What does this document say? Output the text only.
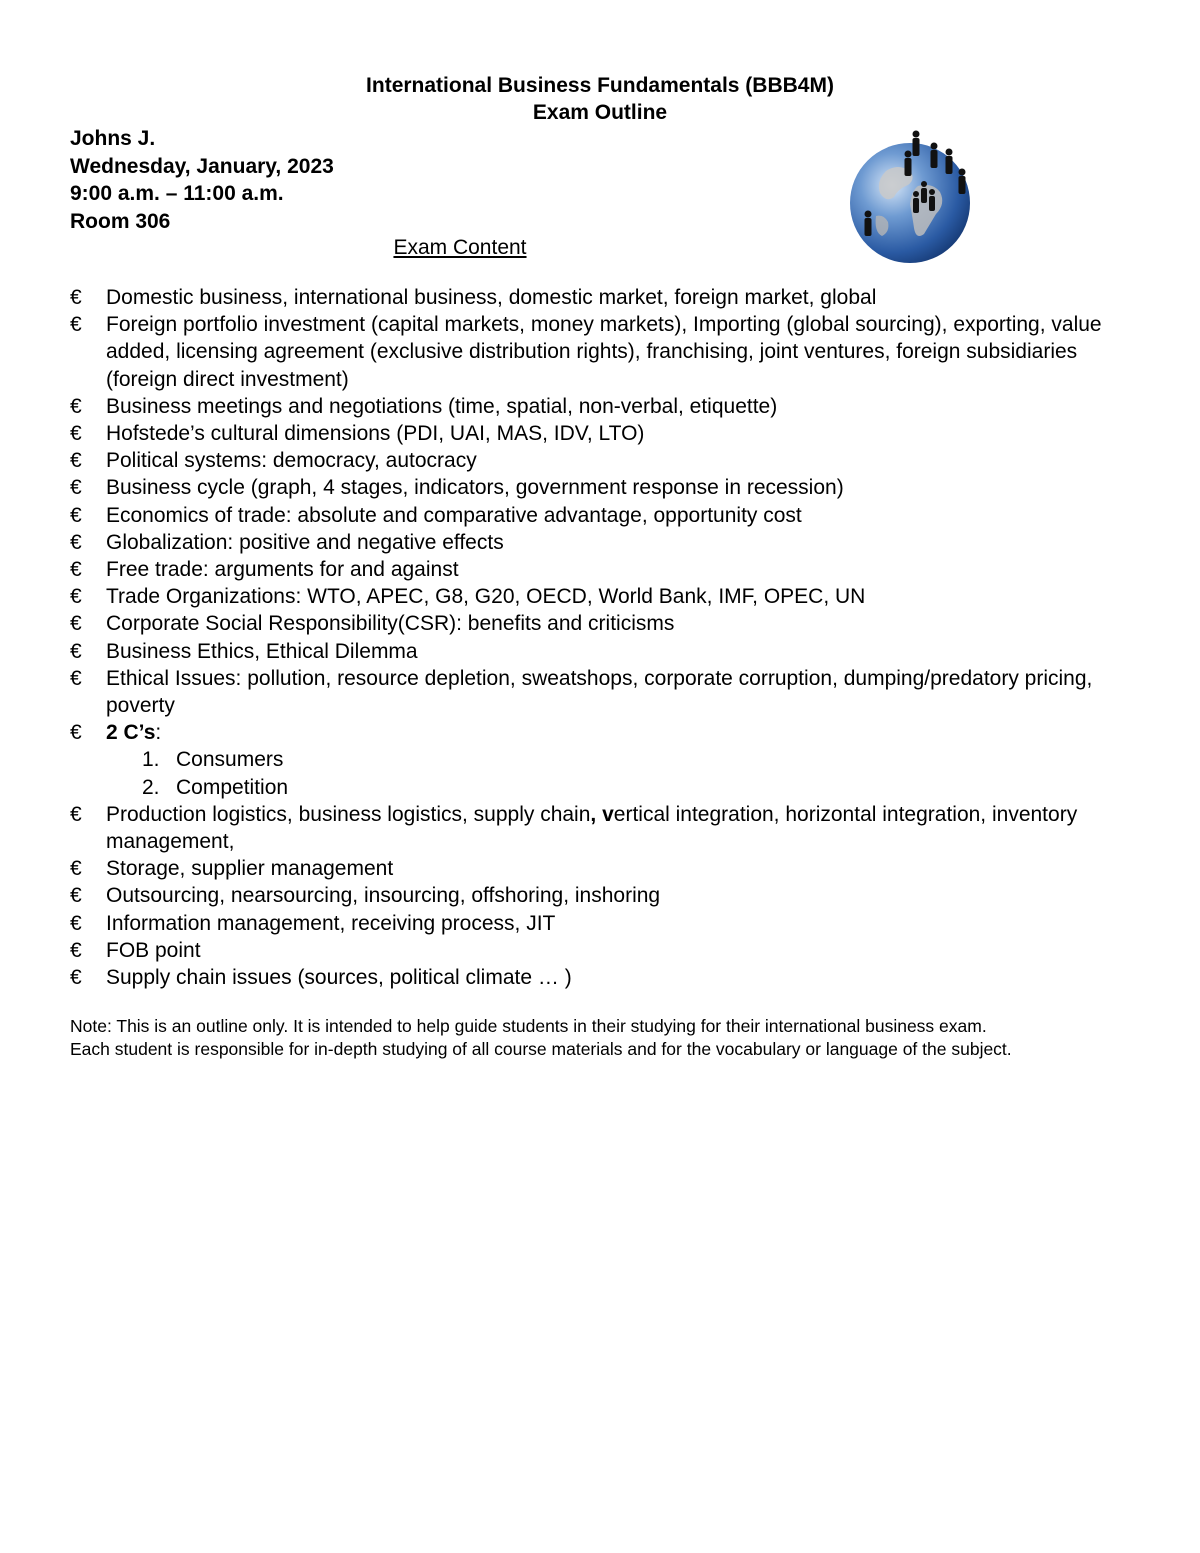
International Business Fundamentals (BBB4M)
Exam Outline
Johns J.
Wednesday, January, 2023
9:00 a.m. – 11:00 a.m.
Room 306
Exam Content
€	Domestic business, international business, domestic market, foreign market, global
€	Foreign portfolio investment (capital markets, money markets), Importing (global sourcing), exporting, value added, licensing agreement (exclusive distribution rights), franchising, joint ventures, foreign subsidiaries (foreign direct investment)
€	Business meetings and negotiations (time, spatial, non-verbal, etiquette)
€	Hofstede’s cultural dimensions (PDI, UAI, MAS, IDV, LTO)
€	Political systems: democracy, autocracy
€	Business cycle (graph, 4 stages, indicators, government response in recession)
€	Economics of trade: absolute and comparative advantage, opportunity cost
€	Globalization: positive and negative effects
€	Free trade: arguments for and against
€	Trade Organizations: WTO, APEC, G8, G20, OECD, World Bank, IMF, OPEC, UN
€	Corporate Social Responsibility(CSR): benefits and criticisms
€	Business Ethics, Ethical Dilemma
€	Ethical Issues: pollution, resource depletion, sweatshops, corporate corruption, dumping/predatory pricing, poverty
€	2 C’s:
1. Consumers
2. Competition
€	Production logistics, business logistics, supply chain, vertical integration, horizontal integration, inventory management,
€	Storage, supplier management
€	Outsourcing, nearsourcing, insourcing, offshoring, inshoring
€	Information management, receiving process, JIT
€	FOB point
€	Supply chain issues (sources, political climate … )
Note: This is an outline only. It is intended to help guide students in their studying for their international business exam.
Each student is responsible for in-depth studying of all course materials and for the vocabulary or language of the subject.
